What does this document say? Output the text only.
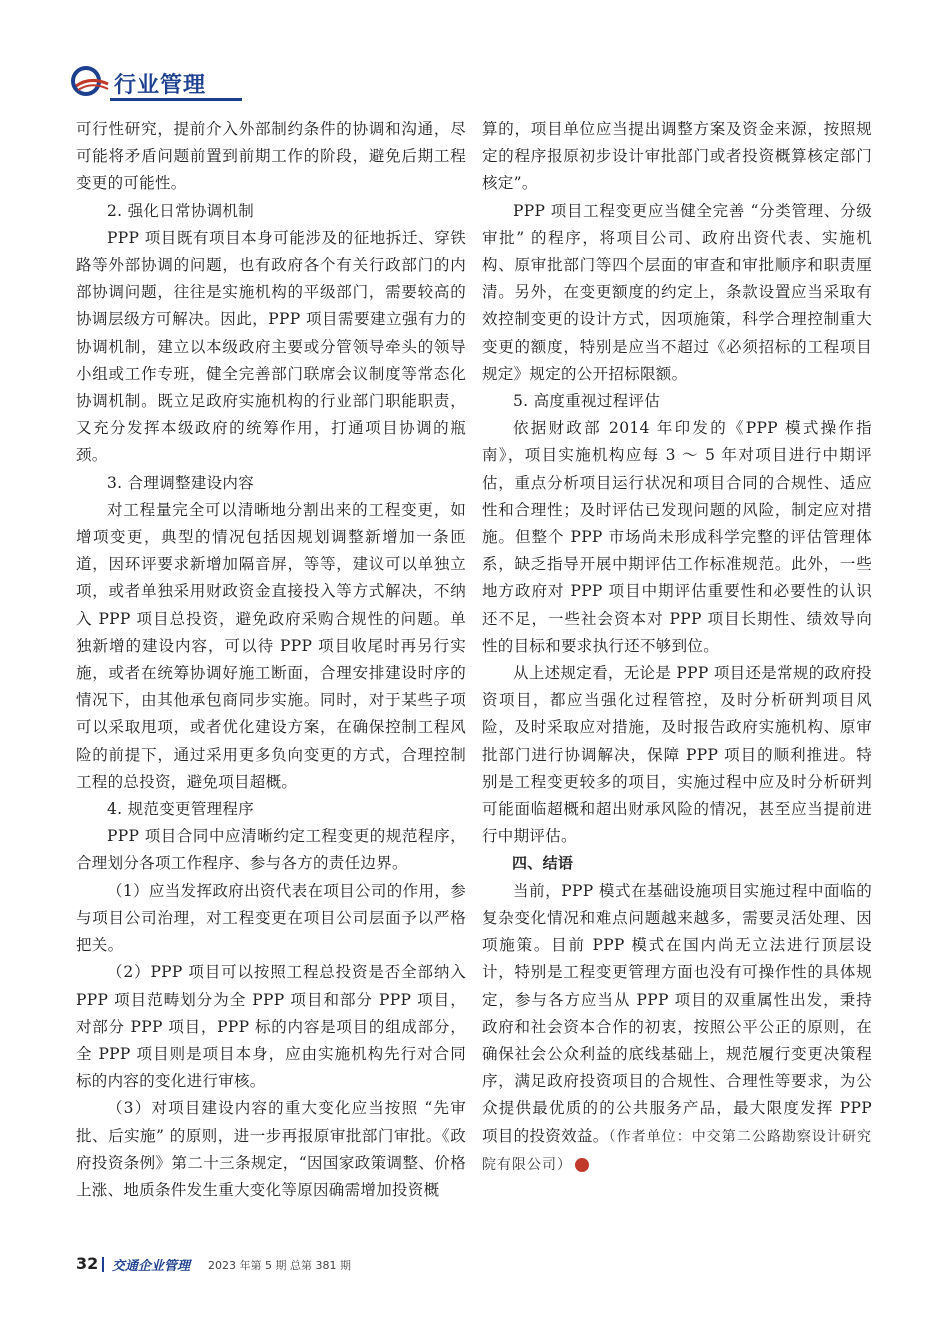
行业管理

可行性研究，提前介入外部制约条件的协调和沟通，尽可能将矛盾问题前置到前期工作的阶段，避免后期工程变更的可能性。

2. 强化日常协调机制

PPP 项目既有项目本身可能涉及的征地拆迁、穿铁路等外部协调的问题，也有政府各个有关行政部门的内部协调问题，往往是实施机构的平级部门，需要较高的协调层级方可解决。因此，PPP 项目需要建立强有力的协调机制，建立以本级政府主要或分管领导牵头的领导小组或工作专班，健全完善部门联席会议制度等常态化协调机制。既立足政府实施机构的行业部门职能职责，又充分发挥本级政府的统筹作用，打通项目协调的瓶颈。

3. 合理调整建设内容

对工程量完全可以清晰地分割出来的工程变更，如增项变更，典型的情况包括因规划调整新增加一条匝道，因环评要求新增加隔音屏，等等，建议可以单独立项，或者单独采用财政资金直接投入等方式解决，不纳入 PPP 项目总投资，避免政府采购合规性的问题。单独新增的建设内容，可以待 PPP 项目收尾时再另行实施，或者在统筹协调好施工断面，合理安排建设时序的情况下，由其他承包商同步实施。同时，对于某些子项可以采取甩项，或者优化建设方案，在确保控制工程风险的前提下，通过采用更多负向变更的方式，合理控制工程的总投资，避免项目超概。

4. 规范变更管理程序

PPP 项目合同中应清晰约定工程变更的规范程序，合理划分各项工作程序、参与各方的责任边界。

（1）应当发挥政府出资代表在项目公司的作用，参与项目公司治理，对工程变更在项目公司层面予以严格把关。

（2）PPP 项目可以按照工程总投资是否全部纳入 PPP 项目范畴划分为全 PPP 项目和部分 PPP 项目，对部分 PPP 项目，PPP 标的内容是项目的组成部分，全 PPP 项目则是项目本身，应由实施机构先行对合同标的内容的变化进行审核。

（3）对项目建设内容的重大变化应当按照 “先审批、后实施” 的原则，进一步再报原审批部门审批。《政府投资条例》第二十三条规定，“因国家政策调整、价格上涨、地质条件发生重大变化等原因确需增加投资概

算的，项目单位应当提出调整方案及资金来源，按照规定的程序报原初步设计审批部门或者投资概算核定部门核定”。

PPP 项目工程变更应当健全完善 “分类管理、分级审批” 的程序，将项目公司、政府出资代表、实施机构、原审批部门等四个层面的审查和审批顺序和职责厘清。另外，在变更额度的约定上，条款设置应当采取有效控制变更的设计方式，因项施策，科学合理控制重大变更的额度，特别是应当不超过《必须招标的工程项目规定》规定的公开招标限额。

5. 高度重视过程评估

依据财政部 2014 年印发的《PPP 模式操作指南》，项目实施机构应每 3 ～ 5 年对项目进行中期评估，重点分析项目运行状况和项目合同的合规性、适应性和合理性；及时评估已发现问题的风险，制定应对措施。但整个 PPP 市场尚未形成科学完整的评估管理体系，缺乏指导开展中期评估工作标准规范。此外，一些地方政府对 PPP 项目中期评估重要性和必要性的认识还不足，一些社会资本对 PPP 项目长期性、绩效导向性的目标和要求执行还不够到位。

从上述规定看，无论是 PPP 项目还是常规的政府投资项目，都应当强化过程管控，及时分析研判项目风险，及时采取应对措施，及时报告政府实施机构、原审批部门进行协调解决，保障 PPP 项目的顺利推进。特别是工程变更较多的项目，实施过程中应及时分析研判可能面临超概和超出财承风险的情况，甚至应当提前进行中期评估。

四、结语

当前，PPP 模式在基础设施项目实施过程中面临的复杂变化情况和难点问题越来越多，需要灵活处理、因项施策。目前 PPP 模式在国内尚无立法进行顶层设计，特别是工程变更管理方面也没有可操作性的具体规定，参与各方应当从 PPP 项目的双重属性出发，秉持政府和社会资本合作的初衷，按照公平公正的原则，在确保社会公众利益的底线基础上，规范履行变更决策程序，满足政府投资项目的合规性、合理性等要求，为公众提供最优质的的公共服务产品，最大限度发挥 PPP 项目的投资效益。（作者单位：中交第二公路勘察设计研究院有限公司）

32 交通企业管理 2023 年第 5 期 总第 381 期
